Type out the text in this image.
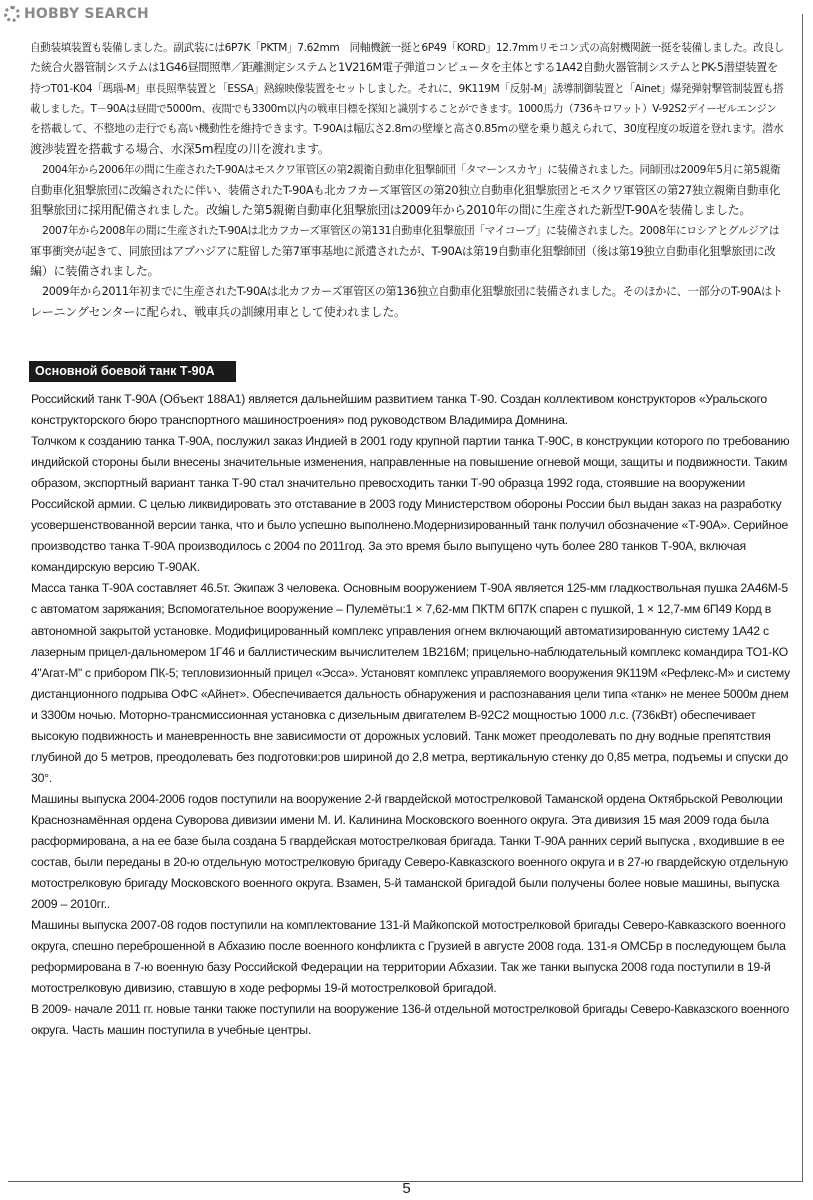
HOBBY SEARCH

自動装填装置も装備しました。副武装には6P7K「PKTM」7.62mm　同軸機銃一挺と6P49「KORD」12.7mmリモコン式の高射機関銃一挺を装備しました。改良し

た統合火器管制システムは1G46昼間照準／距離測定システムと1V216M電子弾道コンピュータを主体とする1A42自動火器管制システムとPK-5潜望装置を

持つT01-K04「瑪瑙-M」車長照準装置と「ESSA」熱線映像装置をセットしました。それに、9K119M「反射-M」誘導制御装置と「Ainet」爆発弾射撃管制装置も搭

載しました。T－90Aは昼間で5000m、夜間でも3300m以内の戦車目標を探知と識別することができます。1000馬力（736キロワット）V-92S2デイーゼルエンジン

を搭載して、不整地の走行でも高い機動性を維持できます。T-90Aは幅広さ2.8mの壁壕と高さ0.85mの壁を乗り越えられて、30度程度の坂道を登れます。潜水

渡渉装置を搭載する場合、水深5m程度の川を渡れます。

2004年から2006年の間に生産されたT-90Aはモスクワ軍管区の第2親衛自動車化狙撃師団「タマーンスカヤ」に装備されました。同師団は2009年5月に第5親衛

自動車化狙撃旅団に改編されたに伴い、装備されたT-90Aも北カフカーズ軍管区の第20独立自動車化狙撃旅団とモスクワ軍管区の第27独立親衛自動車化

狙撃旅団に採用配備されました。改編した第5親衛自動車化狙撃旅団は2009年から2010年の間に生産された新型T-90Aを装備しました。

2007年から2008年の間に生産されたT-90Aは北カフカーズ軍管区の第131自動車化狙撃旅団「マイコープ」に装備されました。2008年にロシアとグルジアは

軍事衝突が起きて、同旅団はアブハジアに駐留した第7軍事基地に派遣されたが、T-90Aは第19自動車化狙撃師団（後は第19独立自動車化狙撃旅団に改

編）に装備されました。

2009年から2011年初までに生産されたT-90Aは北カフカーズ軍管区の第136独立自動車化狙撃旅団に装備されました。そのほかに、一部分のT-90Aはト

レーニングセンターに配られ、戦車兵の訓練用車として使われました。

Основной боевой танк Т-90А

Российский танк Т-90А (Объект 188А1) является дальнейшим развитием танка Т-90. Создан коллективом конструкторов «Уральского

конструкторского бюро транспортного машиностроения» под руководством Владимира Домнина.

Толчком к созданию танка Т-90А, послужил заказ Индией в 2001 году крупной партии танка Т-90С, в конструкции которого по требованию

индийской стороны были внесены значительные изменения, направленные на повышение огневой мощи, защиты и подвижности. Таким

образом, экспортный вариант танка Т-90 стал значительно превосходить танки Т-90 образца 1992 года, стоявшие на вооружении

Российской армии. С целью ликвидировать это отставание в 2003 году Министерством обороны России был выдан заказ на разработку

усовершенствованной версии танка, что и было успешно выполнено.Модернизированный танк получил обозначение «Т-90А». Серийное

производство танка Т-90А производилось с 2004 по 2011год. За это время было выпущено чуть более 280 танков Т-90А, включая

командирскую версию Т-90АК.

Масса танка Т-90А составляет 46.5т. Экипаж 3 человека. Основным вооружением Т-90А является 125-мм гладкоствольная пушка 2А46М-5

с автоматом заряжания; Вспомогательное вооружение – Пулемёты:1 × 7,62-мм ПКТМ 6П7К спарен с пушкой, 1 × 12,7-мм 6П49 Корд в

автономной закрытой установке. Модифицированный комплекс управления огнем включающий автоматизированную систему 1А42 с

лазерным прицел-дальномером 1Г46 и баллистическим вычислителем 1В216М; прицельно-наблюдательный комплекс командира ТО1-КО

4"Агат-М" с прибором ПК-5; тепловизионный прицел «Эсса». Установят комплекс управляемого вооружения 9К119М «Рефлекс-М» и систему

дистанционного подрыва ОФС «Айнет». Обеспечивается дальность обнаружения и распознавания цели типа «танк» не менее 5000м днем

и 3300м ночью. Моторно-трансмиссионная установка с дизельным двигателем В-92С2 мощностью 1000 л.с. (736кВт) обеспечивает

высокую подвижность и маневренность вне зависимости от дорожных условий. Танк может преодолевать по дну водные препятствия

глубиной до 5 метров, преодолевать без подготовки:ров шириной до 2,8 метра, вертикальную стенку до 0,85 метра, подъемы и спуски до

30°.

Машины выпуска 2004-2006 годов поступили на вооружение 2-й гвардейской мотострелковой Таманской ордена Октябрьской Революции

Краснознамённая ордена Суворова дивизии имени М. И. Калинина Московского военного округа. Эта дивизия 15 мая 2009 года была

расформирована, а на ее базе была создана 5 гвардейская мотострелковая бригада. Танки Т-90А ранних серий выпуска , входившие в ее

состав, были переданы в 20-ю отдельную мотострелковую бригаду Северо-Кавказского военного округа и в 27-ю гвардейскую отдельную

мотострелковую бригаду Московского военного округа. Взамен, 5-й таманской бригадой были получены более новые машины, выпуска

2009 – 2010гг..

Машины выпуска 2007-08 годов поступили на комплектование 131-й Майкопской мотострелковой бригады Северо-Кавказского военного

округа, спешно переброшенной в Абхазию после военного конфликта с Грузией в августе 2008 года. 131-я ОМСБр в последующем была

реформирована в 7-ю военную базу Российской Федерации на территории Абхазии. Так же танки выпуска 2008 года поступили в 19-й

мотострелковую дивизию, ставшую в ходе реформы 19-й мотострелковой бригадой.

В 2009- начале 2011 гг. новые танки также поступили на вооружение 136-й отдельной мотострелковой бригады Северо-Кавказского военного

округа. Часть машин поступила в учебные центры.

5
